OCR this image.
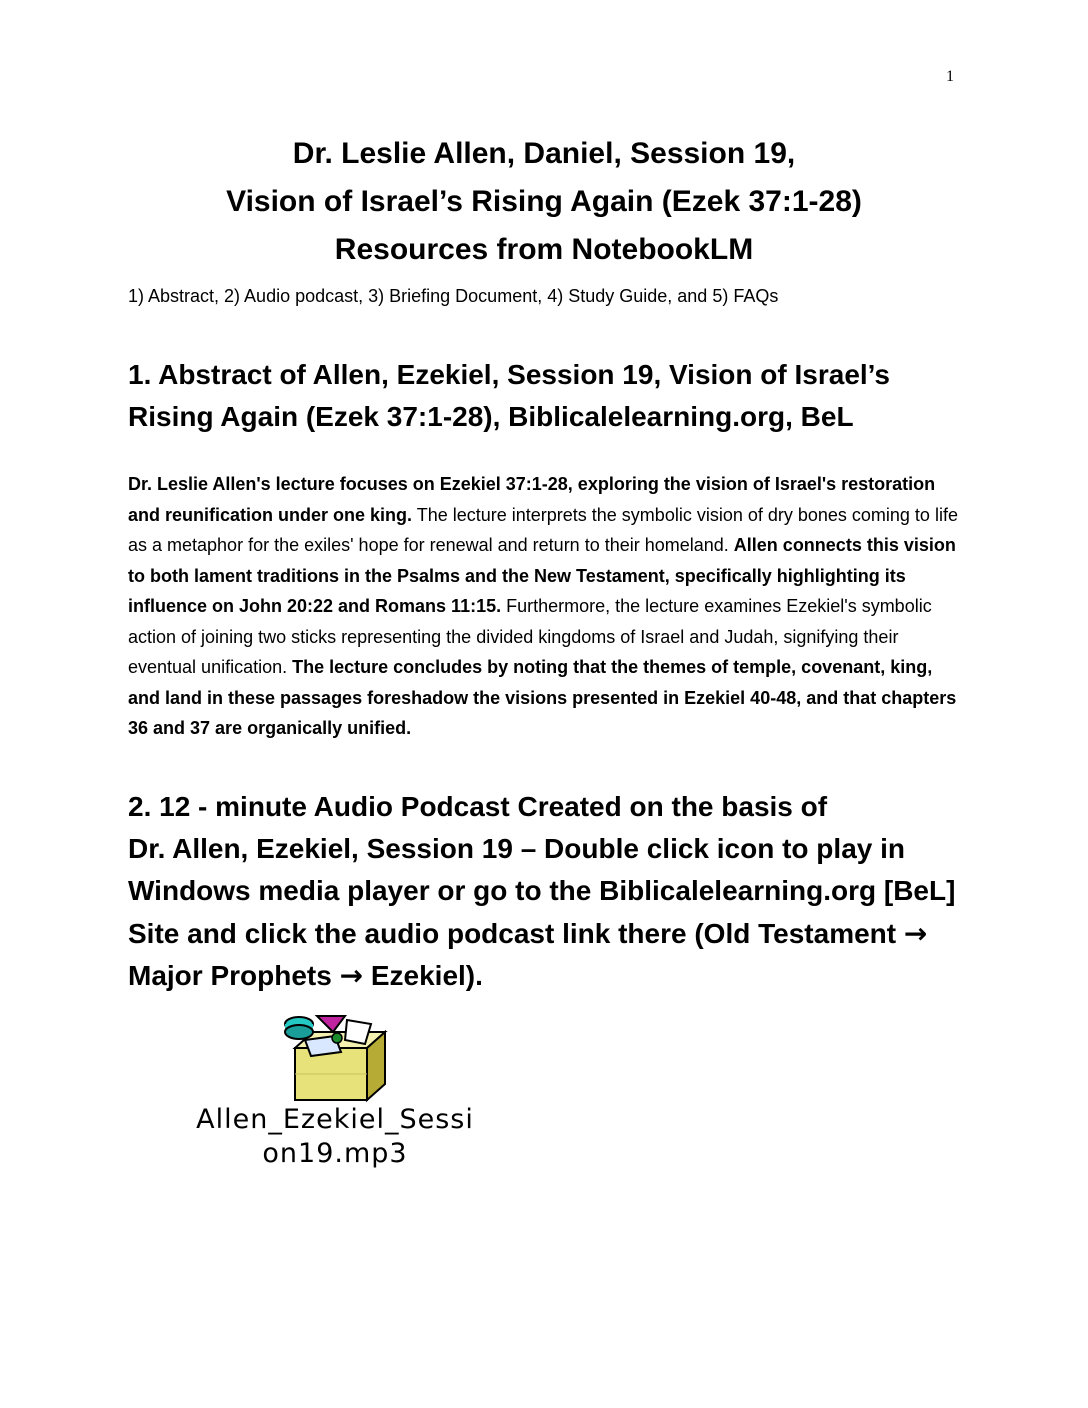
1
Dr. Leslie Allen, Daniel, Session 19,
Vision of Israel’s Rising Again (Ezek 37:1-28)
Resources from NotebookLM
1) Abstract, 2) Audio podcast, 3) Briefing Document, 4) Study Guide, and 5) FAQs
1. Abstract of Allen, Ezekiel, Session 19, Vision of Israel’s Rising Again (Ezek 37:1-28), Biblicalelearning.org, BeL
Dr. Leslie Allen's lecture focuses on Ezekiel 37:1-28, exploring the vision of Israel's restoration and reunification under one king. The lecture interprets the symbolic vision of dry bones coming to life as a metaphor for the exiles' hope for renewal and return to their homeland. Allen connects this vision to both lament traditions in the Psalms and the New Testament, specifically highlighting its influence on John 20:22 and Romans 11:15. Furthermore, the lecture examines Ezekiel's symbolic action of joining two sticks representing the divided kingdoms of Israel and Judah, signifying their eventual unification. The lecture concludes by noting that the themes of temple, covenant, king, and land in these passages foreshadow the visions presented in Ezekiel 40-48, and that chapters 36 and 37 are organically unified.
2. 12 - minute Audio Podcast Created on the basis of
Dr. Allen, Ezekiel, Session 19 – Double click icon to play in Windows media player or go to the Biblicalelearning.org [BeL] Site and click the audio podcast link there (Old Testament → Major Prophets → Ezekiel).
Allen_Ezekiel_Sessi
on19.mp3
